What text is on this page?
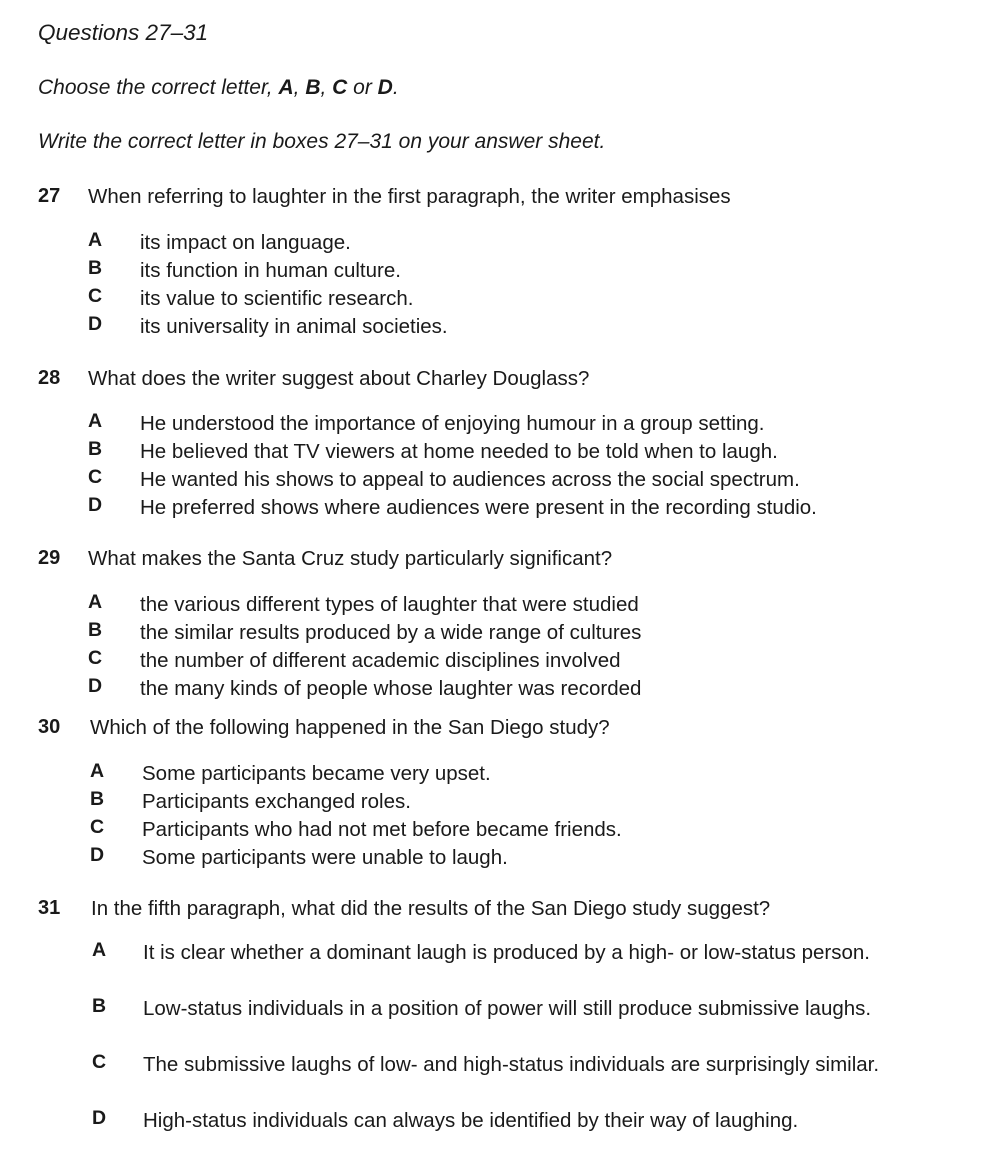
Questions 27–31

Choose the correct letter, A, B, C or D.

Write the correct letter in boxes 27–31 on your answer sheet.

27 When referring to laughter in the first paragraph, the writer emphasises
A its impact on language.
B its function in human culture.
C its value to scientific research.
D its universality in animal societies.
28 What does the writer suggest about Charley Douglass?
A He understood the importance of enjoying humour in a group setting.
B He believed that TV viewers at home needed to be told when to laugh.
C He wanted his shows to appeal to audiences across the social spectrum.
D He preferred shows where audiences were present in the recording studio.
29 What makes the Santa Cruz study particularly significant?
A the various different types of laughter that were studied
B the similar results produced by a wide range of cultures
C the number of different academic disciplines involved
D the many kinds of people whose laughter was recorded
30 Which of the following happened in the San Diego study?
A Some participants became very upset.
B Participants exchanged roles.
C Participants who had not met before became friends.
D Some participants were unable to laugh.
31 In the fifth paragraph, what did the results of the San Diego study suggest?
A It is clear whether a dominant laugh is produced by a high- or low-status person.
B Low-status individuals in a position of power will still produce submissive laughs.
C The submissive laughs of low- and high-status individuals are surprisingly similar.
D High-status individuals can always be identified by their way of laughing.
